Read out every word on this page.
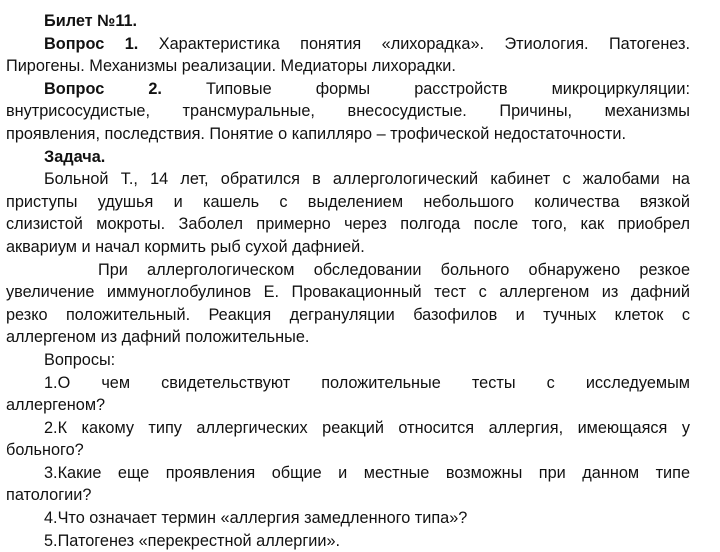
Билет №11.
Вопрос 1. Характеристика понятия «лихорадка». Этиология. Патогенез.
Пирогены. Механизмы реализации. Медиаторы лихорадки.
Вопрос 2.	Типовые формы расстройств микроциркуляции:
внутрисосудистые, трансмуральные, внесосудистые. Причины, механизмы
проявления, последствия. Понятие о капилляро – трофической недостаточности.
Задача.
Больной Т., 14 лет, обратился в аллергологический кабинет с жалобами на
приступы удушья и кашель с выделением небольшого количества вязкой
слизистой мокроты. Заболел примерно через полгода после того, как приобрел
аквариум и начал кормить рыб сухой дафнией.
При аллергологическом обследовании больного обнаружено резкое
увеличение иммуноглобулинов Е. Провакационный тест с аллергеном из дафний
резко положительный. Реакция дегрануляции базофилов и тучных клеток с
аллергеном из дафний положительные.
Вопросы:
1.О чем свидетельствуют положительные тесты с исследуемым
аллергеном?
2.К какому типу аллергических реакций относится аллергия, имеющаяся у
больного?
3.Какие еще проявления общие и местные возможны при данном типе
патологии?
4.Что означает термин «аллергия замедленного типа»?
5.Патогенез «перекрестной аллергии».
